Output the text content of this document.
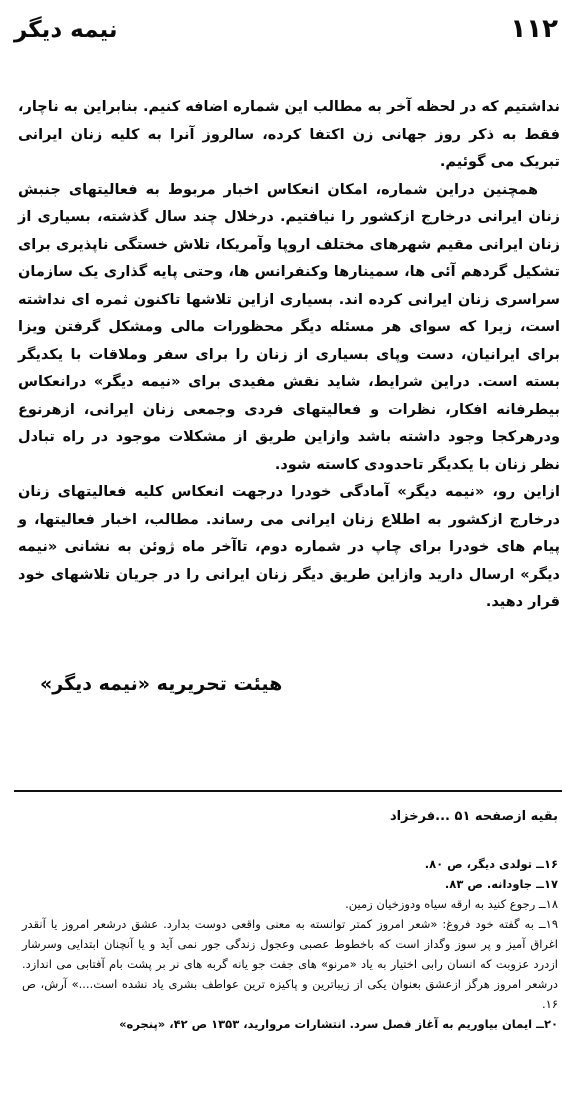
۱۱۲
نیمه دیگر

نداشتیم که در لحظه آخر به مطالب این شماره اضافه کنیم. بنابراین به ناچار، فقط به ذکر روز جهانی زن اکتفا کرده، سالروز آنرا به کلیه زنان ایرانی تبریک می گوئیم.

همچنین دراین شماره، امکان انعکاس اخبار مربوط به فعالیتهای جنبش زنان ایرانی درخارج ازکشور را نیافتیم. درخلال چند سال گذشته، بسیاری از زنان ایرانی مقیم شهرهای مختلف اروپا وآمریکا، تلاش خستگی ناپذیری برای تشکیل گردهم آئی ها، سمینارها وکنفرانس ها، وحتی پایه گذاری یک سازمان سراسری زنان ایرانی کرده اند. بسیاری ازاین تلاشها تاکنون ثمره ای نداشته است، زیرا که سوای هر مسئله دیگر محظورات مالی ومشکل گرفتن ویزا برای ایرانیان، دست وپای بسیاری از زنان را برای سفر وملاقات با یکدیگر بسته است. دراین شرایط، شاید نقش مفیدی برای «نیمه دیگر» درانعکاس بیطرفانه افکار، نظرات و فعالیتهای فردی وجمعی زنان ایرانی، ازهرنوع ودرهرکجا وجود داشته باشد وازاین طریق از مشکلات موجود در راه تبادل نظر زنان با یکدیگر تاحدودی کاسته شود.

ازاین رو، «نیمه دیگر» آمادگی خودرا درجهت انعکاس کلیه فعالیتهای زنان درخارج ازکشور به اطلاع زنان ایرانی می رساند. مطالب، اخبار فعالیتها، و پیام های خودرا برای چاپ در شماره دوم، تاآخر ماه ژوئن به نشانی «نیمه دیگر» ارسال دارید وازاین طریق دیگر زنان ایرانی را در جریان تلاشهای خود قرار دهید.

هیئت تحریریه «نیمه دیگر»

بقیه ازصفحه ۵۱ ...فرخزاد

۱۶ــ تولدی دیگر، ص ۸۰.

۱۷ــ جاودانه. ص ۸۳.

۱۸ــ رجوع کنید به ارقه سیاه ودوزخیان زمین.

۱۹ــ به گفته خود فروغ: «شعر امروز کمتر توانسته به معنی واقعی دوست بدارد. عشق درشعر امروز یا آنقدر اغراق آمیز و پر سوز وگداز است که باخطوط عصبی وعجول زندگی جور نمی آید و یا آنچنان ابتدایی وسرشار ازدرد عزوبت که انسان رابی اختیار به یاد «مرنو» های جفت جو یانه گربه های نر بر پشت بام آفتابی می اندازد. درشعر امروز هرگز ازعشق بعنوان یکی از زیباترین و پاکیزه ترین عواطف بشری یاد نشده است....» آرش، ص ۱۶.

۲۰ــ ایمان بیاوریم به آغاز فصل سرد. انتشارات مروارید، ۱۳۵۳ ص ۴۲، «پنجره»
